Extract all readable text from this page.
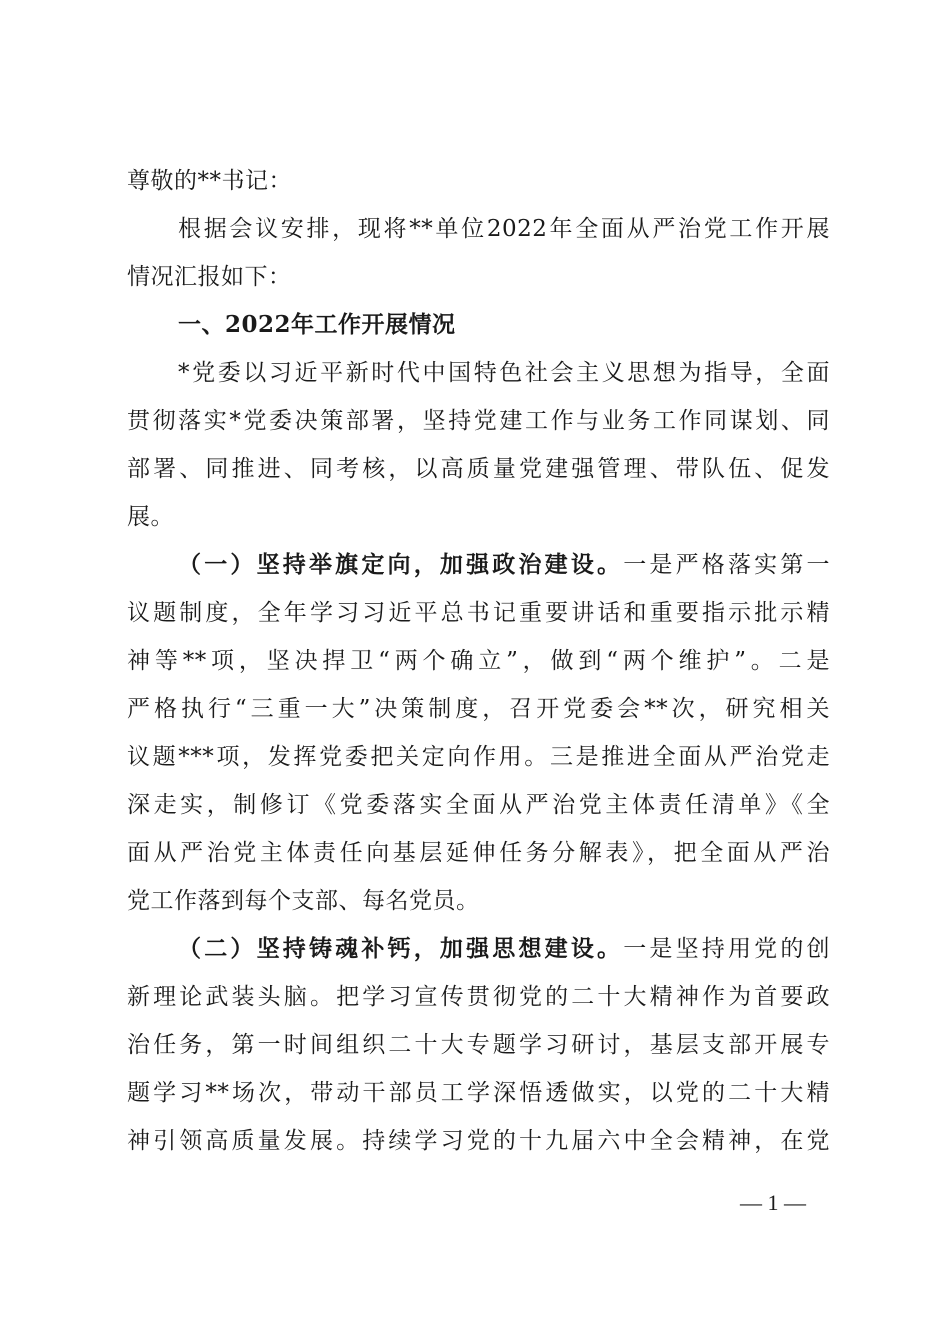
尊敬的**书记：
根据会议安排，现将**单位2022年全面从严治党工作开展
情况汇报如下：
一、2022年工作开展情况
*党委以习近平新时代中国特色社会主义思想为指导，全面
贯彻落实*党委决策部署，坚持党建工作与业务工作同谋划、同
部署、同推进、同考核，以高质量党建强管理、带队伍、促发
展。
（一）坚持举旗定向，加强政治建设。一是严格落实第一
议题制度，全年学习习近平总书记重要讲话和重要指示批示精
神等**项，坚决捍卫“两个确立”，做到“两个维护”。二是
严格执行“三重一大”决策制度，召开党委会**次，研究相关
议题***项，发挥党委把关定向作用。三是推进全面从严治党走
深走实，制修订《党委落实全面从严治党主体责任清单》《全
面从严治党主体责任向基层延伸任务分解表》，把全面从严治
党工作落到每个支部、每名党员。
（二）坚持铸魂补钙，加强思想建设。一是坚持用党的创
新理论武装头脑。把学习宣传贯彻党的二十大精神作为首要政
治任务，第一时间组织二十大专题学习研讨，基层支部开展专
题学习**场次，带动干部员工学深悟透做实，以党的二十大精
神引领高质量发展。持续学习党的十九届六中全会精神，在党
— 1 —
